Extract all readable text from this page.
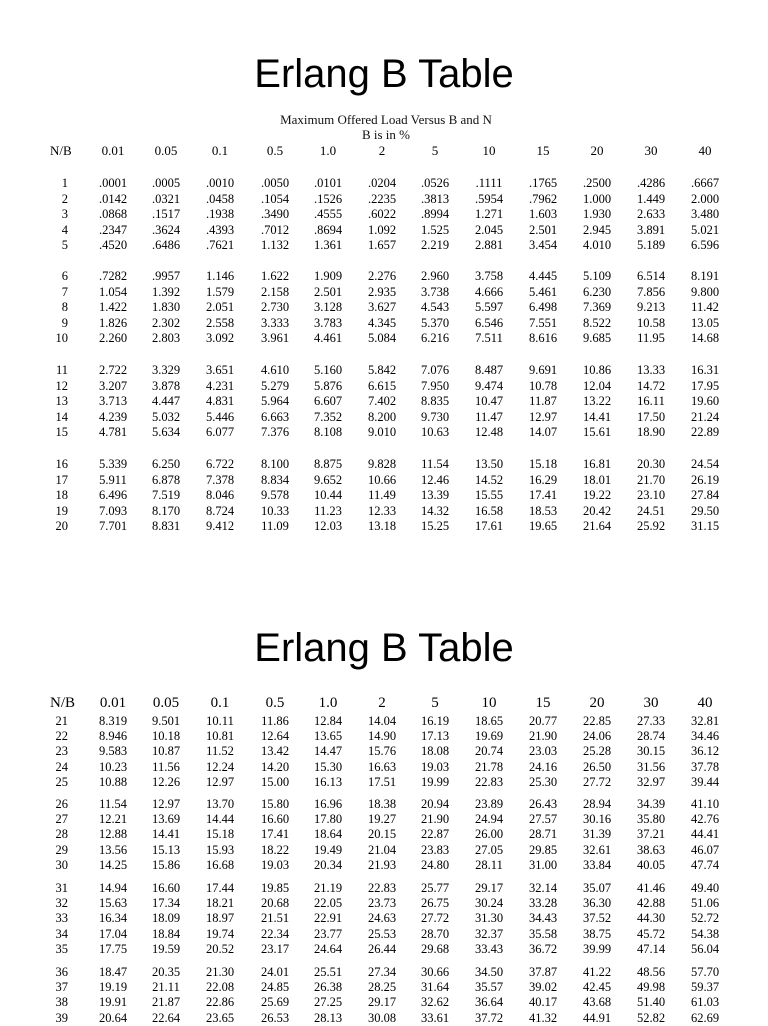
Erlang B Table
Maximum Offered Load Versus B and N
B is in %
N/B	0.01	0.05	0.1	0.5	1.0	2	5	10	15	20	30	40
1	.0001	.0005	.0010	.0050	.0101	.0204	.0526	.1111	.1765	.2500	.4286	.6667
2	.0142	.0321	.0458	.1054	.1526	.2235	.3813	.5954	.7962	1.000	1.449	2.000
3	.0868	.1517	.1938	.3490	.4555	.6022	.8994	1.271	1.603	1.930	2.633	3.480
4	.2347	.3624	.4393	.7012	.8694	1.092	1.525	2.045	2.501	2.945	3.891	5.021
5	.4520	.6486	.7621	1.132	1.361	1.657	2.219	2.881	3.454	4.010	5.189	6.596
6	.7282	.9957	1.146	1.622	1.909	2.276	2.960	3.758	4.445	5.109	6.514	8.191
7	1.054	1.392	1.579	2.158	2.501	2.935	3.738	4.666	5.461	6.230	7.856	9.800
8	1.422	1.830	2.051	2.730	3.128	3.627	4.543	5.597	6.498	7.369	9.213	11.42
9	1.826	2.302	2.558	3.333	3.783	4.345	5.370	6.546	7.551	8.522	10.58	13.05
10	2.260	2.803	3.092	3.961	4.461	5.084	6.216	7.511	8.616	9.685	11.95	14.68
11	2.722	3.329	3.651	4.610	5.160	5.842	7.076	8.487	9.691	10.86	13.33	16.31
12	3.207	3.878	4.231	5.279	5.876	6.615	7.950	9.474	10.78	12.04	14.72	17.95
13	3.713	4.447	4.831	5.964	6.607	7.402	8.835	10.47	11.87	13.22	16.11	19.60
14	4.239	5.032	5.446	6.663	7.352	8.200	9.730	11.47	12.97	14.41	17.50	21.24
15	4.781	5.634	6.077	7.376	8.108	9.010	10.63	12.48	14.07	15.61	18.90	22.89
16	5.339	6.250	6.722	8.100	8.875	9.828	11.54	13.50	15.18	16.81	20.30	24.54
17	5.911	6.878	7.378	8.834	9.652	10.66	12.46	14.52	16.29	18.01	21.70	26.19
18	6.496	7.519	8.046	9.578	10.44	11.49	13.39	15.55	17.41	19.22	23.10	27.84
19	7.093	8.170	8.724	10.33	11.23	12.33	14.32	16.58	18.53	20.42	24.51	29.50
20	7.701	8.831	9.412	11.09	12.03	13.18	15.25	17.61	19.65	21.64	25.92	31.15
Erlang B Table
N/B	0.01	0.05	0.1	0.5	1.0	2	5	10	15	20	30	40
21	8.319	9.501	10.11	11.86	12.84	14.04	16.19	18.65	20.77	22.85	27.33	32.81
22	8.946	10.18	10.81	12.64	13.65	14.90	17.13	19.69	21.90	24.06	28.74	34.46
23	9.583	10.87	11.52	13.42	14.47	15.76	18.08	20.74	23.03	25.28	30.15	36.12
24	10.23	11.56	12.24	14.20	15.30	16.63	19.03	21.78	24.16	26.50	31.56	37.78
25	10.88	12.26	12.97	15.00	16.13	17.51	19.99	22.83	25.30	27.72	32.97	39.44
26	11.54	12.97	13.70	15.80	16.96	18.38	20.94	23.89	26.43	28.94	34.39	41.10
27	12.21	13.69	14.44	16.60	17.80	19.27	21.90	24.94	27.57	30.16	35.80	42.76
28	12.88	14.41	15.18	17.41	18.64	20.15	22.87	26.00	28.71	31.39	37.21	44.41
29	13.56	15.13	15.93	18.22	19.49	21.04	23.83	27.05	29.85	32.61	38.63	46.07
30	14.25	15.86	16.68	19.03	20.34	21.93	24.80	28.11	31.00	33.84	40.05	47.74
31	14.94	16.60	17.44	19.85	21.19	22.83	25.77	29.17	32.14	35.07	41.46	49.40
32	15.63	17.34	18.21	20.68	22.05	23.73	26.75	30.24	33.28	36.30	42.88	51.06
33	16.34	18.09	18.97	21.51	22.91	24.63	27.72	31.30	34.43	37.52	44.30	52.72
34	17.04	18.84	19.74	22.34	23.77	25.53	28.70	32.37	35.58	38.75	45.72	54.38
35	17.75	19.59	20.52	23.17	24.64	26.44	29.68	33.43	36.72	39.99	47.14	56.04
36	18.47	20.35	21.30	24.01	25.51	27.34	30.66	34.50	37.87	41.22	48.56	57.70
37	19.19	21.11	22.08	24.85	26.38	28.25	31.64	35.57	39.02	42.45	49.98	59.37
38	19.91	21.87	22.86	25.69	27.25	29.17	32.62	36.64	40.17	43.68	51.40	61.03
39	20.64	22.64	23.65	26.53	28.13	30.08	33.61	37.72	41.32	44.91	52.82	62.69
